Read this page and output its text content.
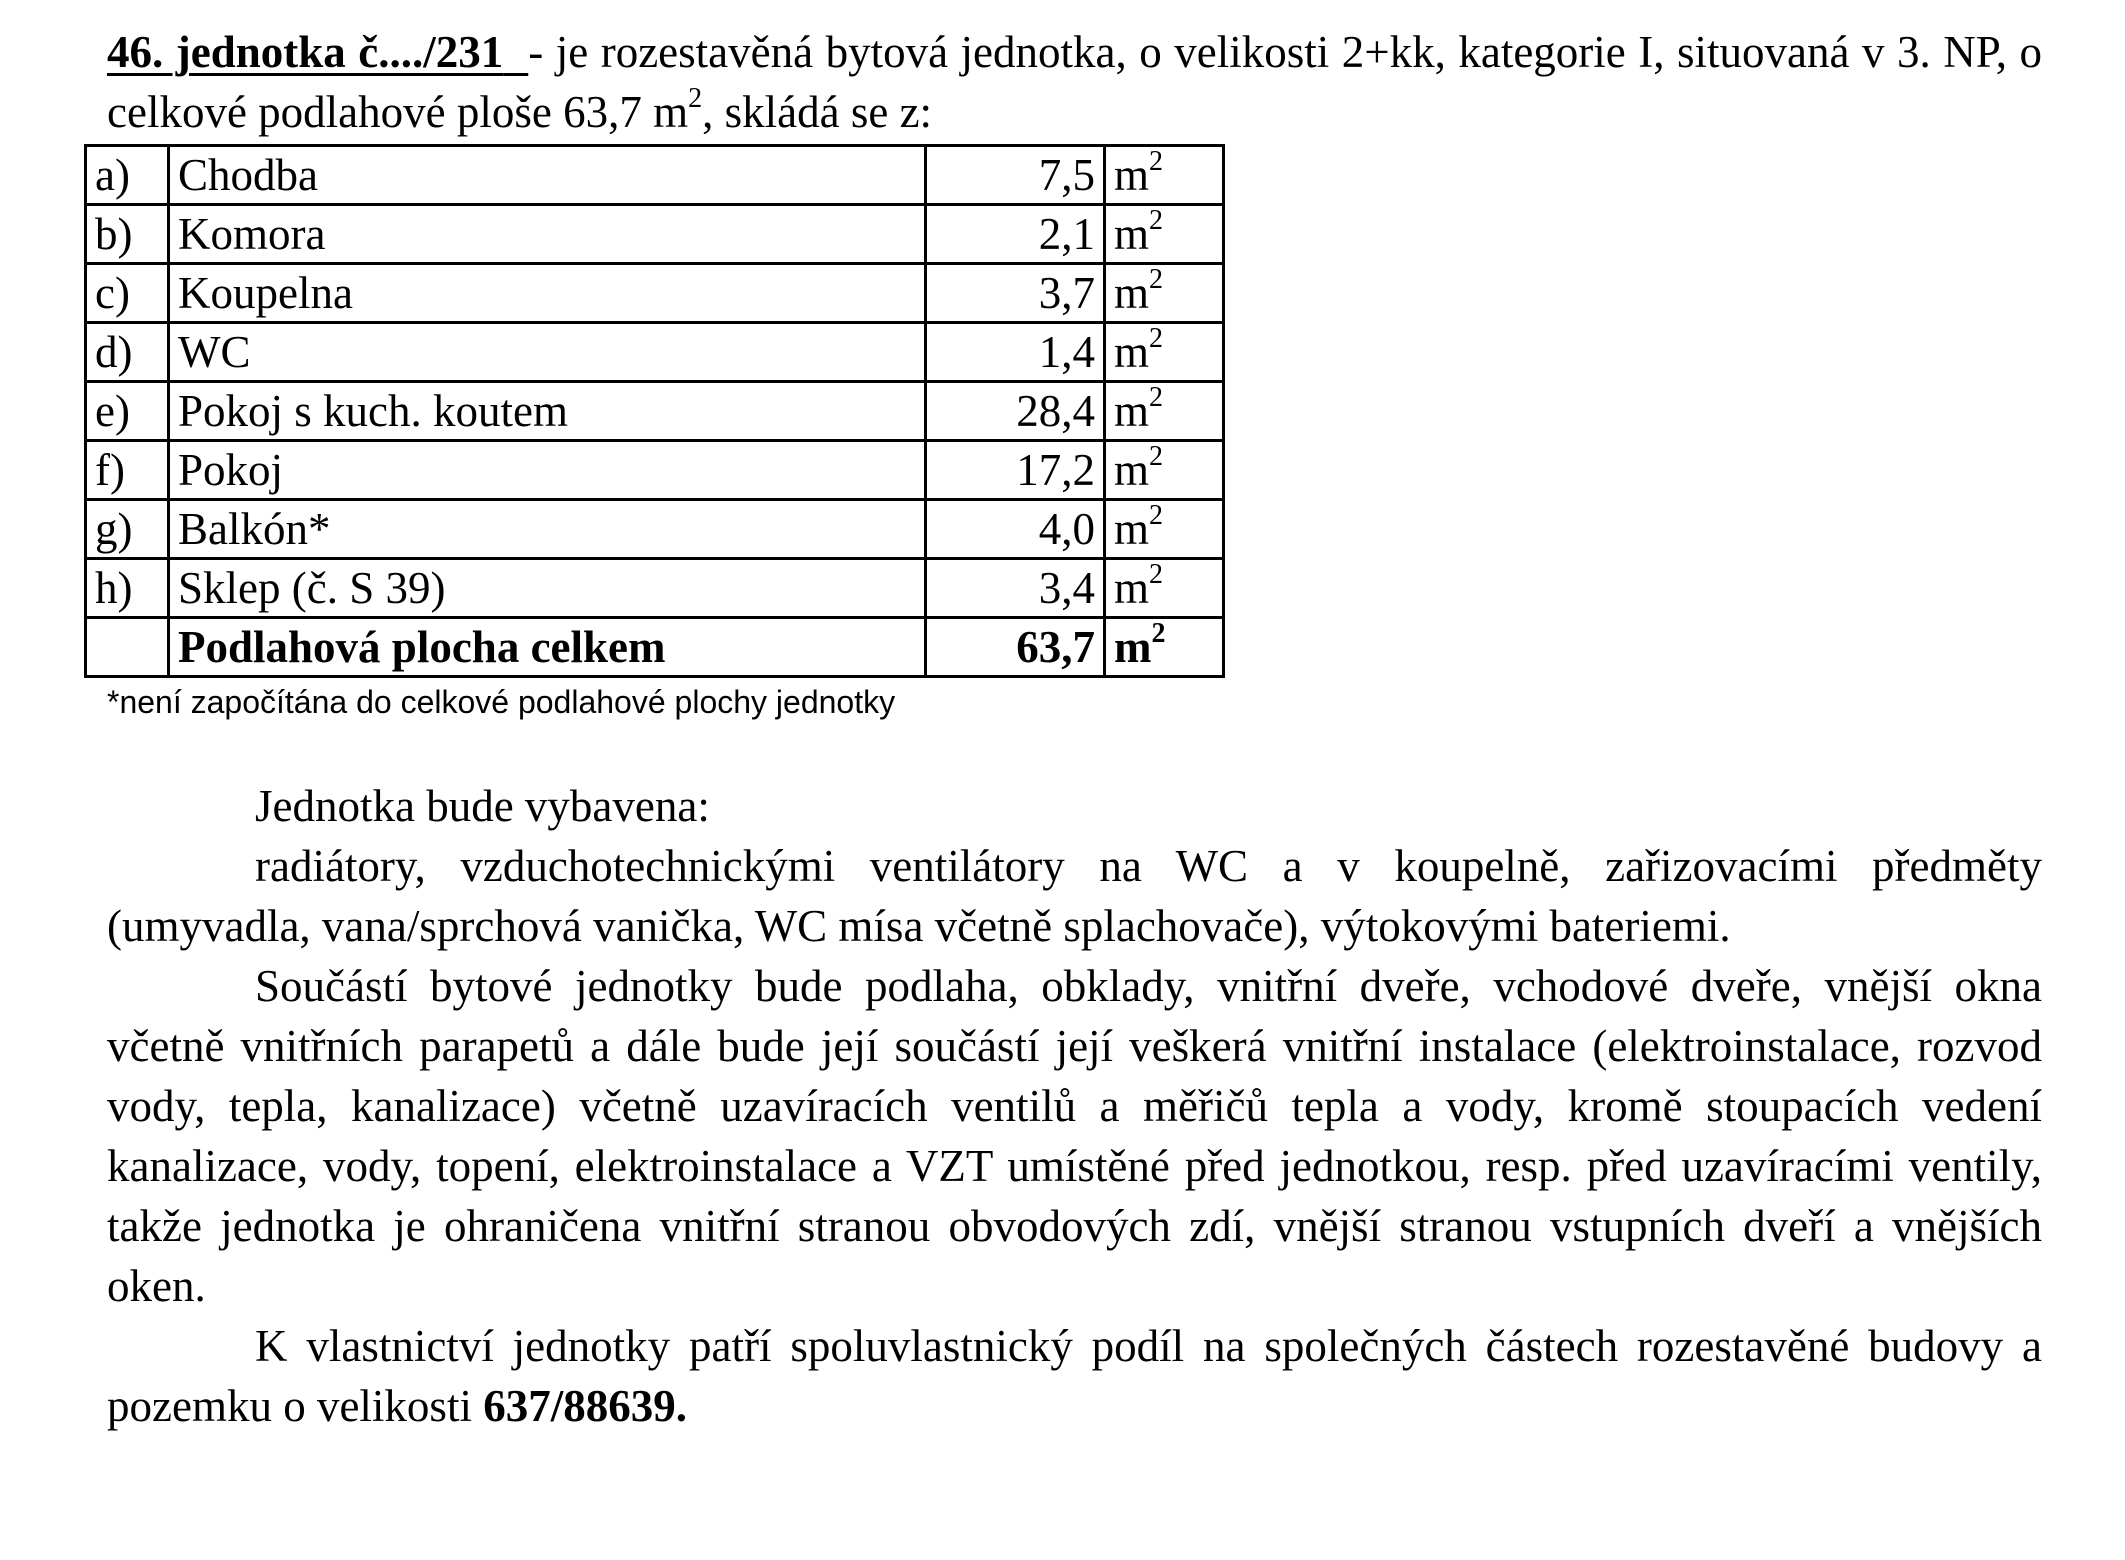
46. jednotka č..../231 - je rozestavěná bytová jednotka, o velikosti 2+kk, kategorie I, situovaná v 3. NP, o celkové podlahové ploše 63,7 $m^2$, skládá se z:

a)	Chodba	7,5	$m^2$
b)	Komora	2,1	$m^2$
c)	Koupelna	3,7	$m^2$
d)	WC	1,4	$m^2$
e)	Pokoj s kuch. koutem	28,4	$m^2$
f)	Pokoj	17,2	$m^2$
g)	Balkón*	4,0	$m^2$
h)	Sklep (č. S 39)	3,4	$m^2$
	Podlahová plocha celkem	63,7	$m^2$

*není započítána do celkové podlahové plochy jednotky

Jednotka bude vybavena:

radiátory, vzduchotechnickými ventilátory na WC a v koupelně, zařizovacími předměty (umyvadla, vana/sprchová vanička, WC mísa včetně splachovače), výtokovými bateriemi.

Součástí bytové jednotky bude podlaha, obklady, vnitřní dveře, vchodové dveře, vnější okna včetně vnitřních parapetů a dále bude její součástí její veškerá vnitřní instalace (elektroinstalace, rozvod vody, tepla, kanalizace) včetně uzavíracích ventilů a měřičů tepla a vody, kromě stoupacích vedení kanalizace, vody, topení, elektroinstalace a VZT umístěné před jednotkou, resp. před uzavíracími ventily, takže jednotka je ohraničena vnitřní stranou obvodových zdí, vnější stranou vstupních dveří a vnějších oken.

K vlastnictví jednotky patří spoluvlastnický podíl na společných částech rozestavěné budovy a pozemku o velikosti 637/88639.
